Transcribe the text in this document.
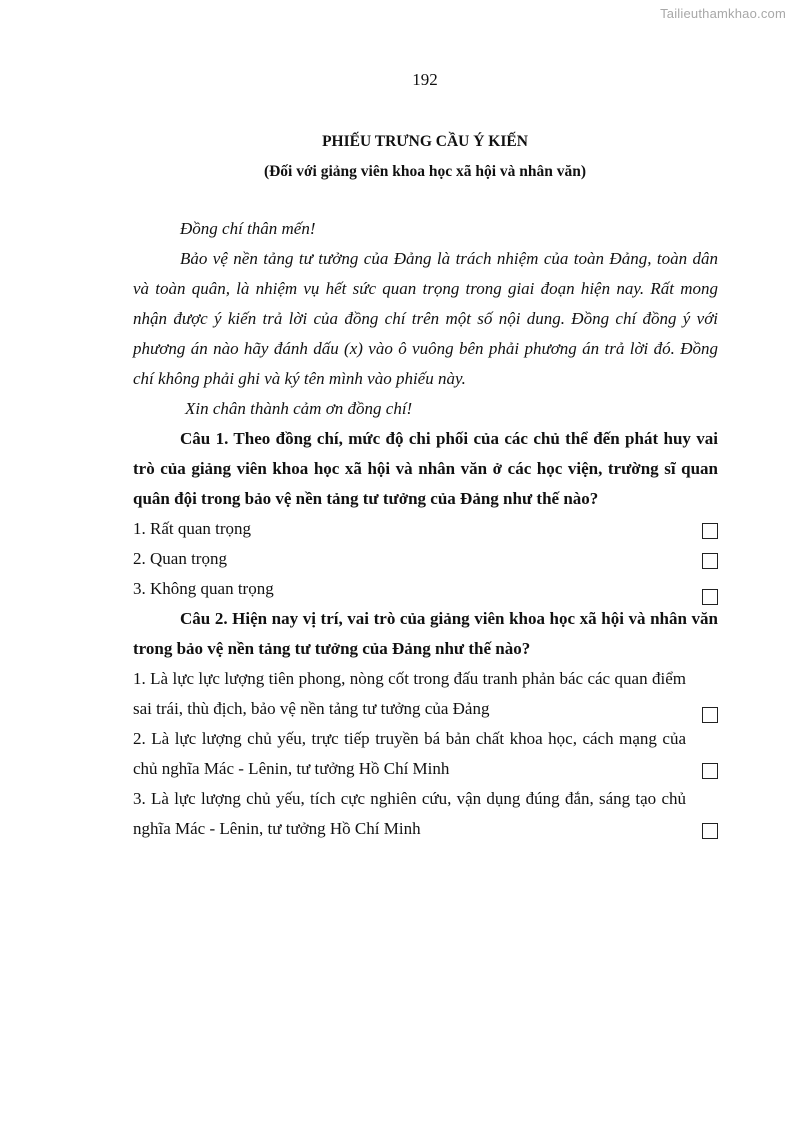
Tailieuthamkhao.com
192
PHIẾU TRƯNG CẦU Ý KIẾN
(Đối với giảng viên khoa học xã hội và nhân văn)

Đồng chí thân mến!

Bảo vệ nền tảng tư tưởng của Đảng là trách nhiệm của toàn Đảng, toàn dân và toàn quân, là nhiệm vụ hết sức quan trọng trong giai đoạn hiện nay. Rất mong nhận được ý kiến trả lời của đồng chí trên một số nội dung. Đồng chí đồng ý với phương án nào hãy đánh dấu (x) vào ô vuông bên phải phương án trả lời đó. Đồng chí không phải ghi và ký tên mình vào phiếu này.

Xin chân thành cảm ơn đồng chí!

Câu 1. Theo đồng chí, mức độ chi phối của các chủ thể đến phát huy vai trò của giảng viên khoa học xã hội và nhân văn ở các học viện, trường sĩ quan quân đội trong bảo vệ nền tảng tư tưởng của Đảng như thế nào?

1. Rất quan trọng
2. Quan trọng
3. Không quan trọng

Câu 2. Hiện nay vị trí, vai trò của giảng viên khoa học xã hội và nhân văn trong bảo vệ nền tảng tư tưởng của Đảng như thế nào?

1. Là lực lực lượng tiên phong, nòng cốt trong đấu tranh phản bác các quan điểm sai trái, thù địch, bảo vệ nền tảng tư tưởng của Đảng
2. Là lực lượng chủ yếu, trực tiếp truyền bá bản chất khoa học, cách mạng của chủ nghĩa Mác - Lênin, tư tưởng Hồ Chí Minh
3. Là lực lượng chủ yếu, tích cực nghiên cứu, vận dụng đúng đắn, sáng tạo chủ nghĩa Mác - Lênin, tư tưởng Hồ Chí Minh
